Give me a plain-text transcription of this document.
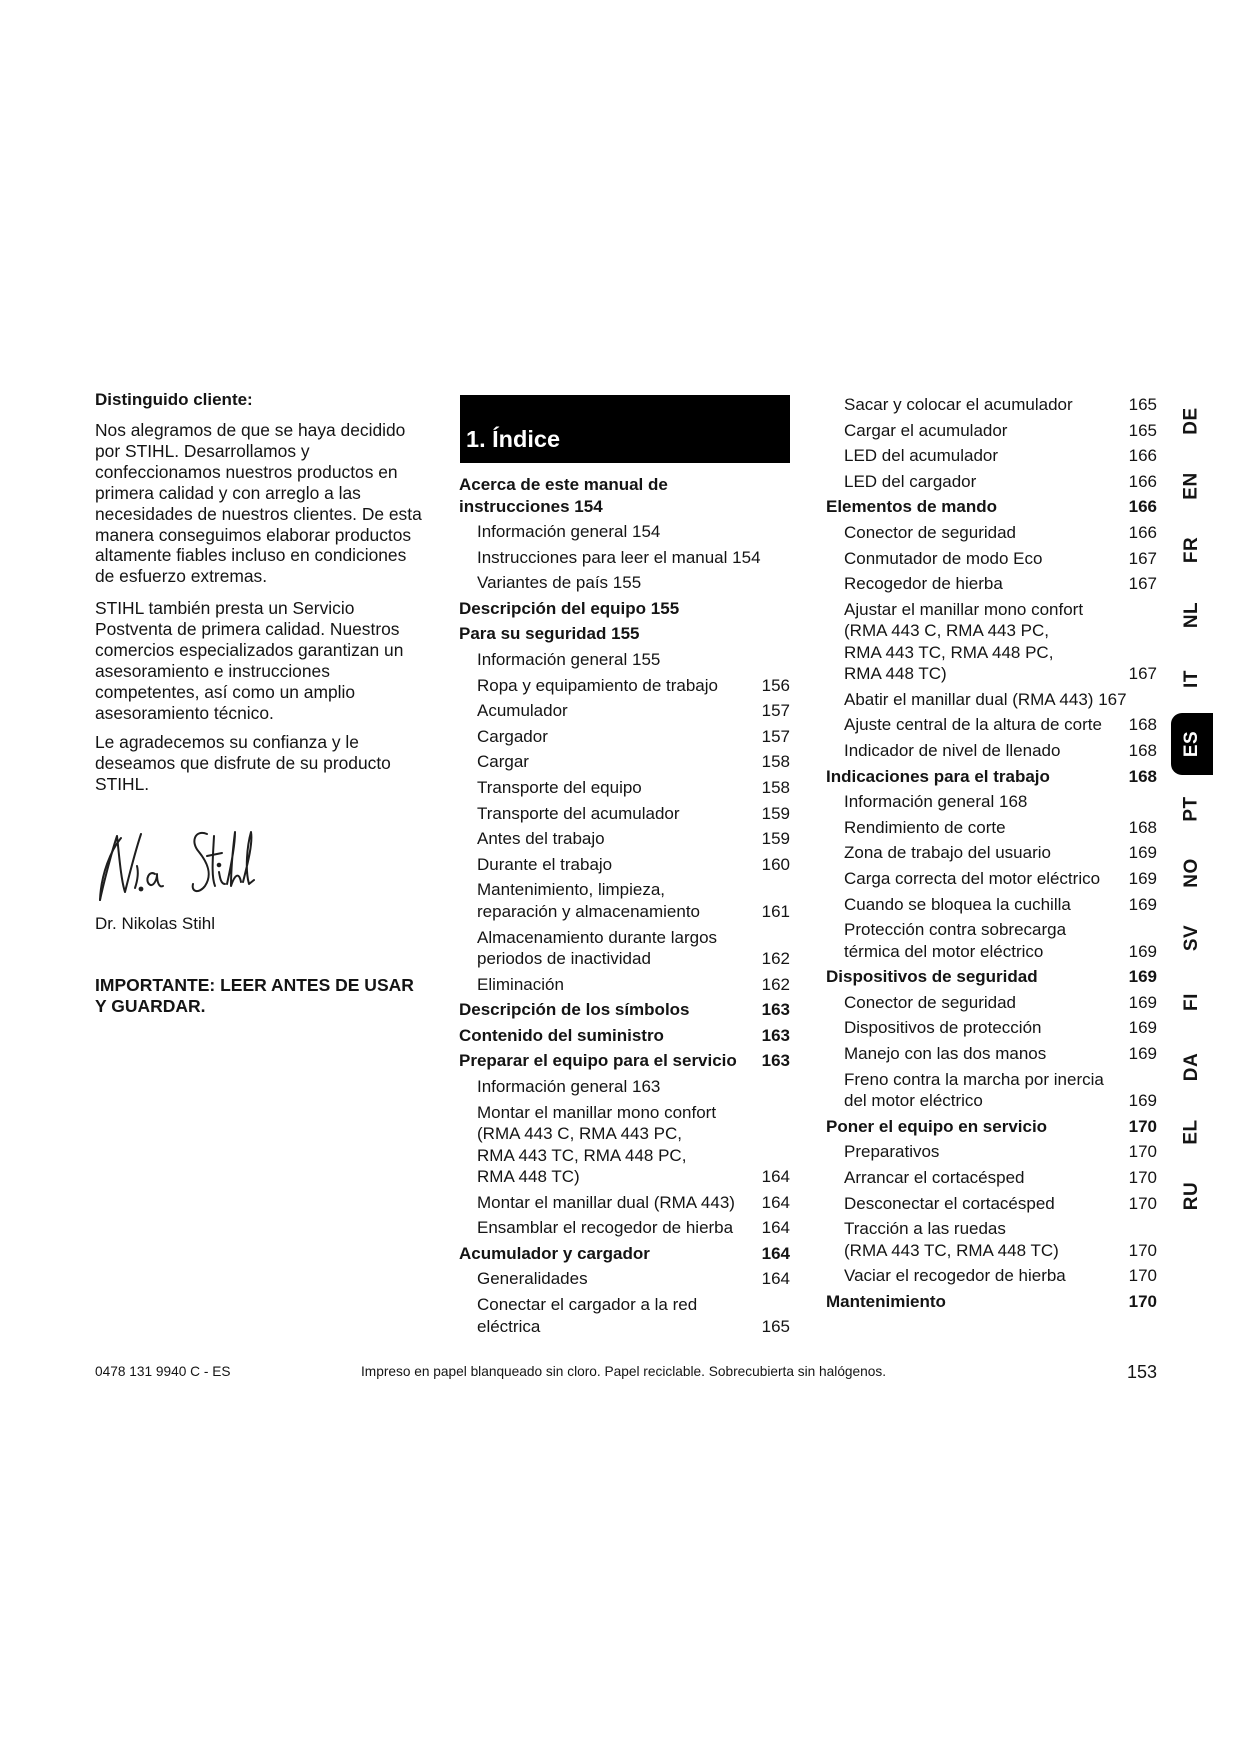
Distinguido cliente:
Nos alegramos de que se haya decidido
por STIHL. Desarrollamos y
confeccionamos nuestros productos en
primera calidad y con arreglo a las
necesidades de nuestros clientes. De esta
manera conseguimos elaborar productos
altamente fiables incluso en condiciones
de esfuerzo extremas.
STIHL también presta un Servicio
Postventa de primera calidad. Nuestros
comercios especializados garantizan un
asesoramiento e instrucciones
competentes, así como un amplio
asesoramiento técnico.
Le agradecemos su confianza y le
deseamos que disfrute de su producto
STIHL.
Dr. Nikolas Stihl
IMPORTANTE: LEER ANTES DE USAR
Y GUARDAR.
1. Índice
Acerca de este manual de
instrucciones 154
Información general 154
Instrucciones para leer el manual 154
Variantes de país 155
Descripción del equipo 155
Para su seguridad 155
Información general 155
Ropa y equipamiento de trabajo	156
Acumulador	157
Cargador	157
Cargar	158
Transporte del equipo	158
Transporte del acumulador	159
Antes del trabajo	159
Durante el trabajo	160
Mantenimiento, limpieza,
reparación y almacenamiento	161
Almacenamiento durante largos
periodos de inactividad	162
Eliminación	162
Descripción de los símbolos	163
Contenido del suministro	163
Preparar el equipo para el servicio	163
Información general 163
Montar el manillar mono confort
(RMA 443 C, RMA 443 PC,
RMA 443 TC, RMA 448 PC,
RMA 448 TC)	164
Montar el manillar dual (RMA 443)	164
Ensamblar el recogedor de hierba	164
Acumulador y cargador	164
Generalidades	164
Conectar el cargador a la red
eléctrica	165
Sacar y colocar el acumulador	165
Cargar el acumulador	165
LED del acumulador	166
LED del cargador	166
Elementos de mando	166
Conector de seguridad	166
Conmutador de modo Eco	167
Recogedor de hierba	167
Ajustar el manillar mono confort
(RMA 443 C, RMA 443 PC,
RMA 443 TC, RMA 448 PC,
RMA 448 TC)	167
Abatir el manillar dual (RMA 443) 167
Ajuste central de la altura de corte	168
Indicador de nivel de llenado	168
Indicaciones para el trabajo	168
Información general 168
Rendimiento de corte	168
Zona de trabajo del usuario	169
Carga correcta del motor eléctrico	169
Cuando se bloquea la cuchilla	169
Protección contra sobrecarga
térmica del motor eléctrico	169
Dispositivos de seguridad	169
Conector de seguridad	169
Dispositivos de protección	169
Manejo con las dos manos	169
Freno contra la marcha por inercia
del motor eléctrico	169
Poner el equipo en servicio	170
Preparativos	170
Arrancar el cortacésped	170
Desconectar el cortacésped	170
Tracción a las ruedas
(RMA 443 TC, RMA 448 TC)	170
Vaciar el recogedor de hierba	170
Mantenimiento	170
DE
EN
FR
NL
IT
ES
PT
NO
SV
FI
DA
EL
RU
0478 131 9940 C - ES	Impreso en papel blanqueado sin cloro. Papel reciclable. Sobrecubierta sin halógenos.	153
